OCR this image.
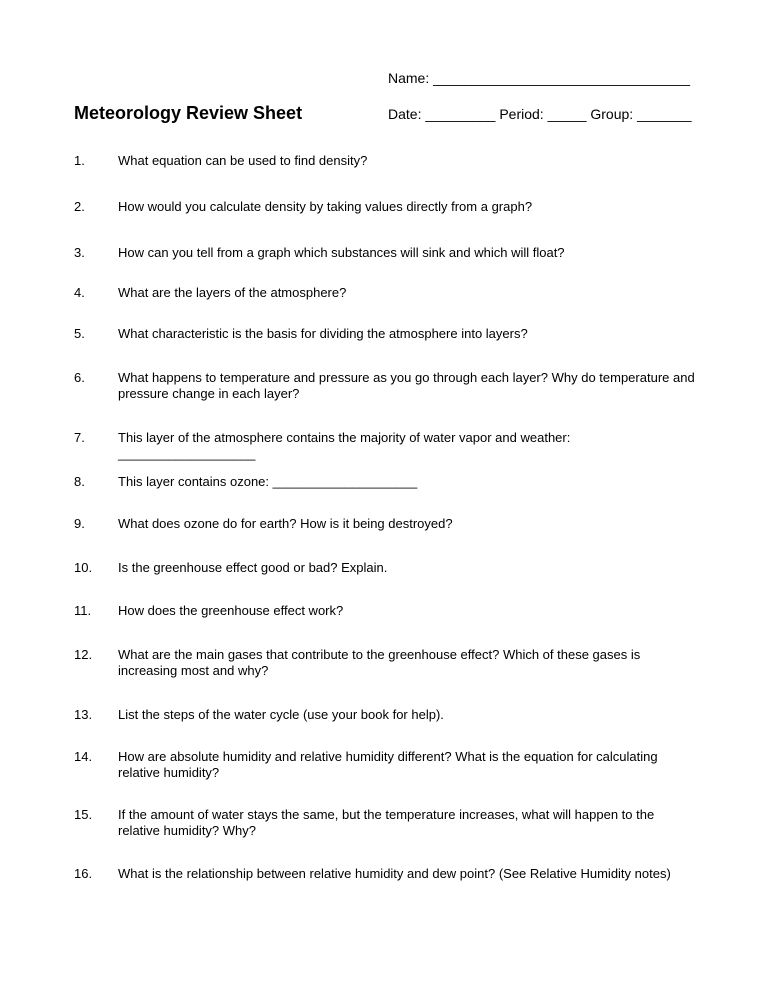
Name: _________________________________
Meteorology Review Sheet	Date: _________ Period: _____ Group: _______
1.	What equation can be used to find density?
2.	How would you calculate density by taking values directly from a graph?
3.	How can you tell from a graph which substances will sink and which will float?
4.	What are the layers of the atmosphere?
5.	What characteristic is the basis for dividing the atmosphere into layers?
6.	What happens to temperature and pressure as you go through each layer? Why do temperature and pressure change in each layer?
7.	This layer of the atmosphere contains the majority of water vapor and weather: ___________________
8.	This layer contains ozone: ____________________
9.	What does ozone do for earth? How is it being destroyed?
10. Is the greenhouse effect good or bad? Explain.
11. How does the greenhouse effect work?
12. What are the main gases that contribute to the greenhouse effect? Which of these gases is increasing most and why?
13. List the steps of the water cycle (use your book for help).
14. How are absolute humidity and relative humidity different? What is the equation for calculating relative humidity?
15. If the amount of water stays the same, but the temperature increases, what will happen to the relative humidity? Why?
16. What is the relationship between relative humidity and dew point? (See Relative Humidity notes)
